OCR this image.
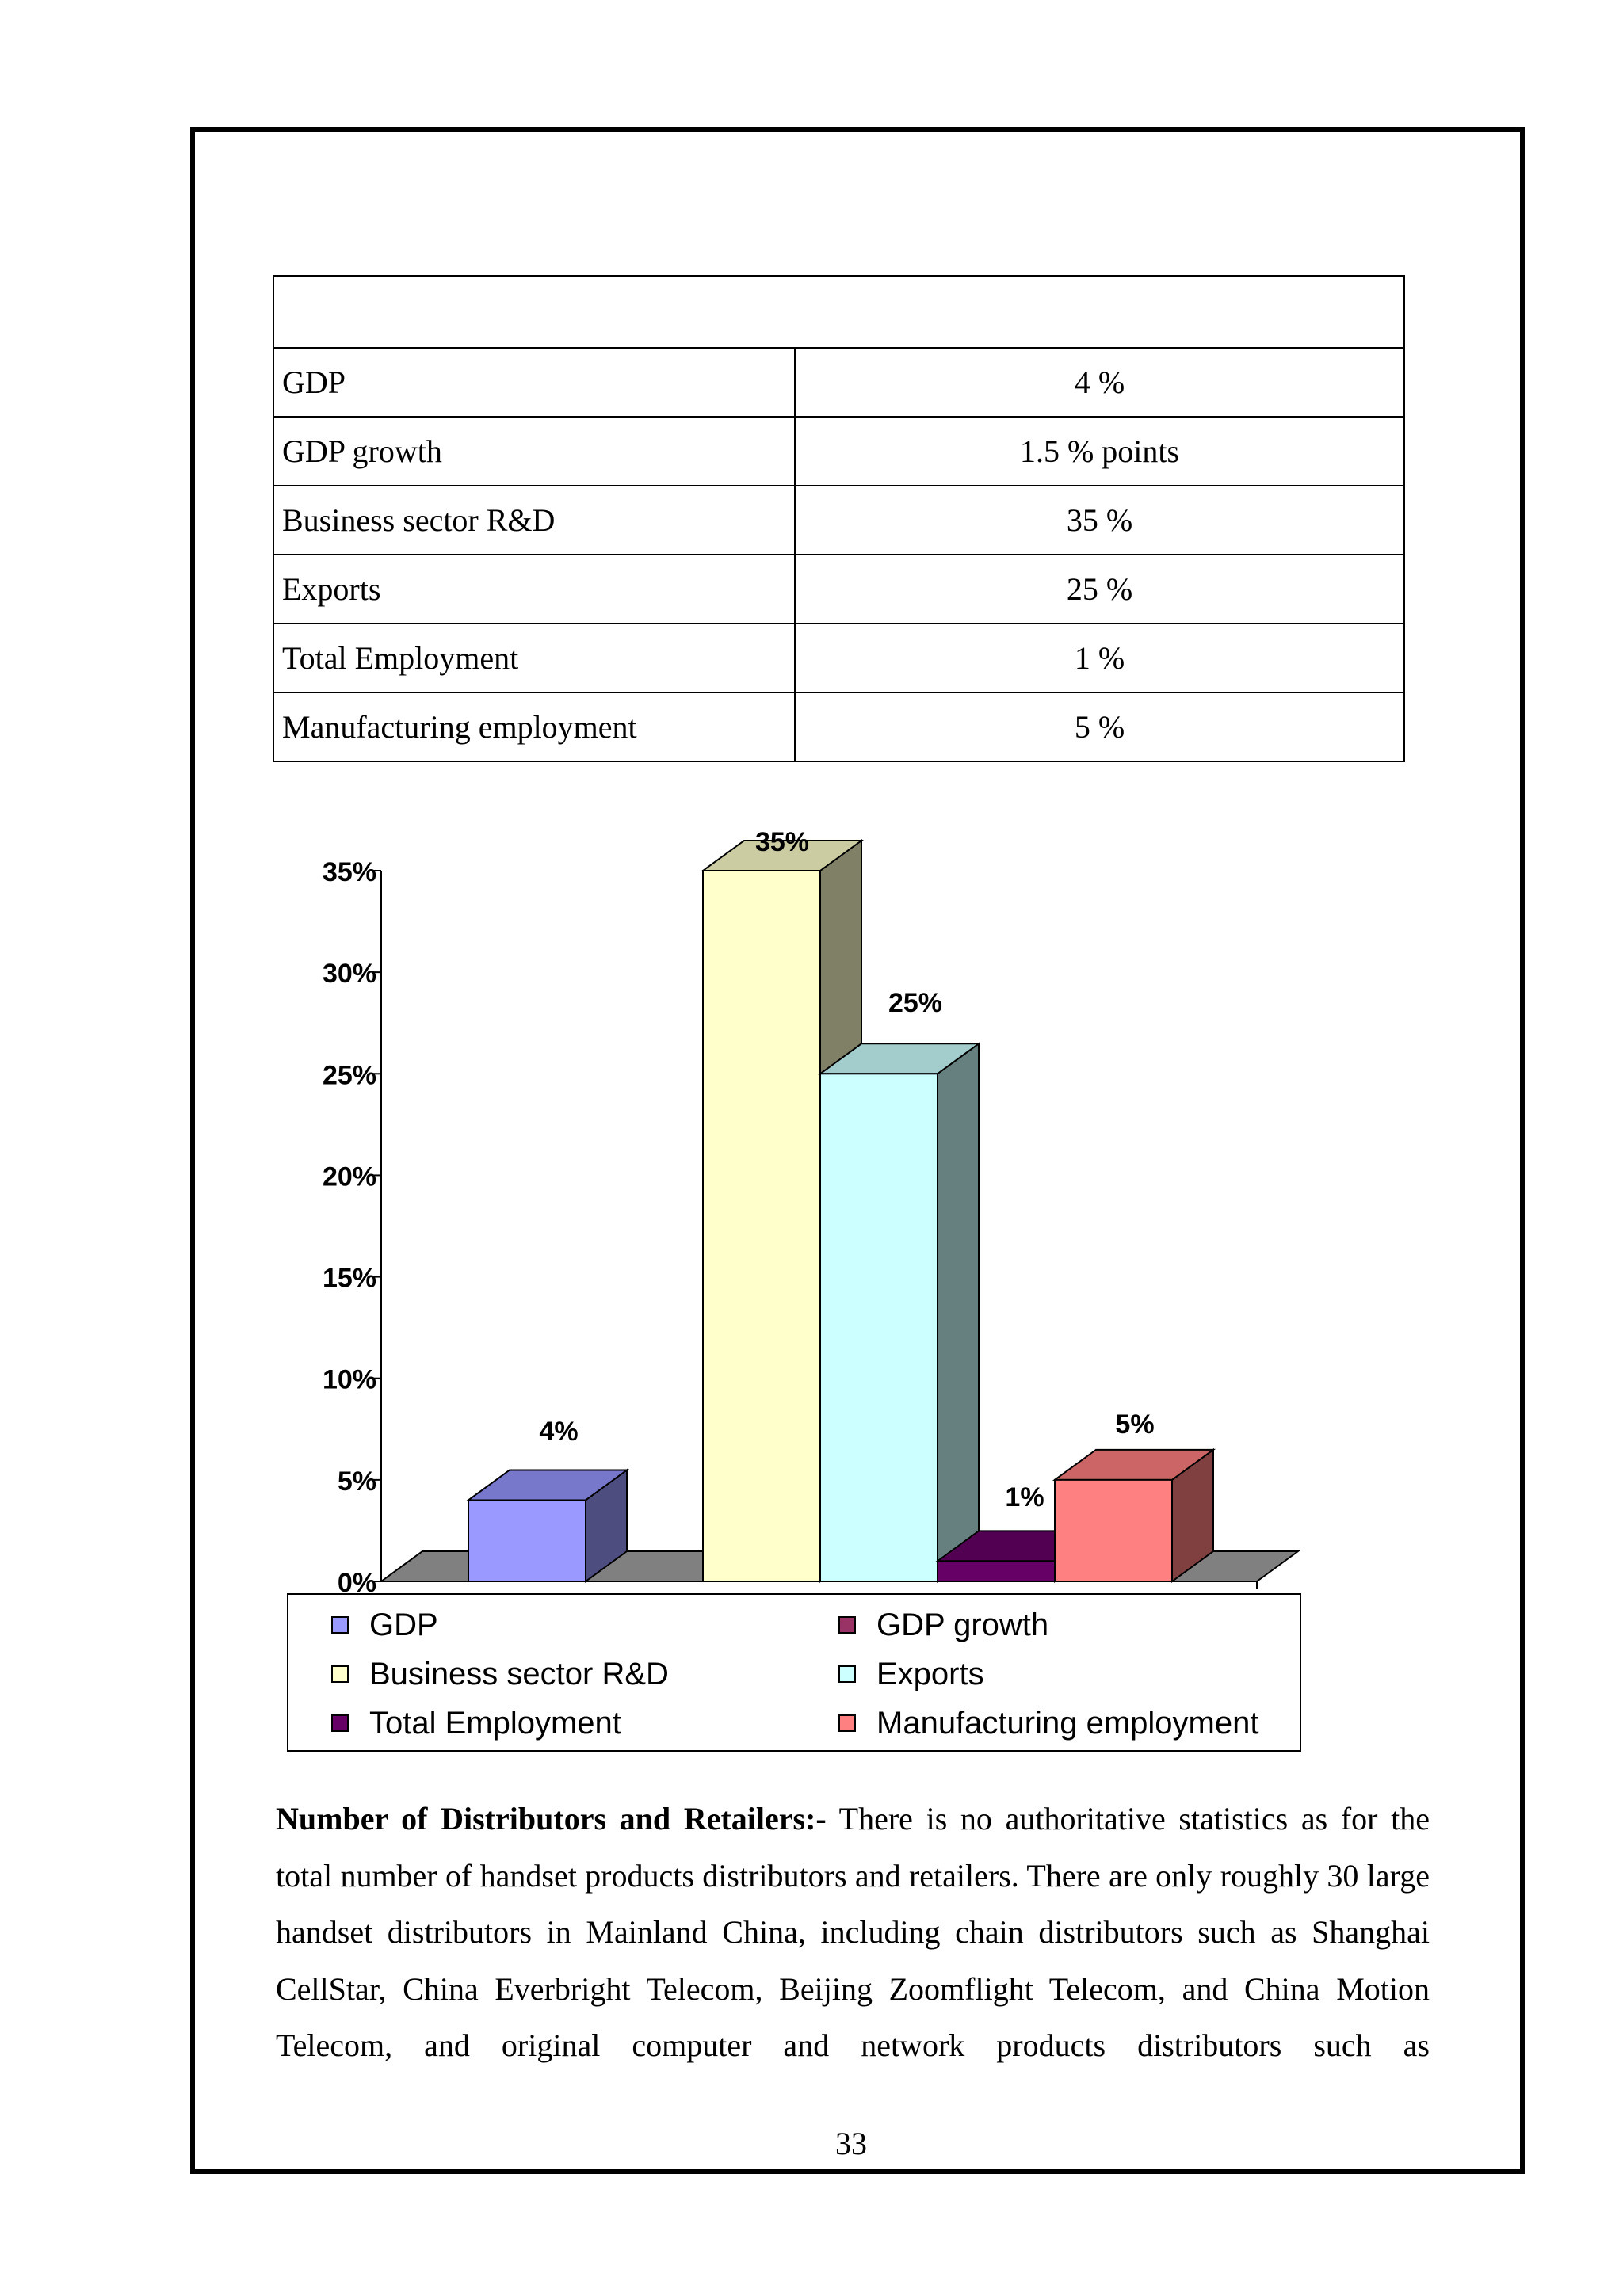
GDP	4 %
GDP growth	1.5 % points
Business sector R&D	35 %
Exports	25 %
Total Employment	1 %
Manufacturing employment	5 %
0%
5%
10%
15%
20%
25%
30%
35%
4%
35%
25%
1%
5%
GDP	GDP growth
Business sector R&D	Exports
Total Employment	Manufacturing employment
Number of Distributors and Retailers:- There is no authoritative statistics as for the total number of handset products distributors and retailers. There are only roughly 30 large handset distributors in Mainland China, including chain distributors such as Shanghai CellStar, China Everbright Telecom, Beijing Zoomflight Telecom, and China Motion Telecom, and original computer and network products distributors such as
33
